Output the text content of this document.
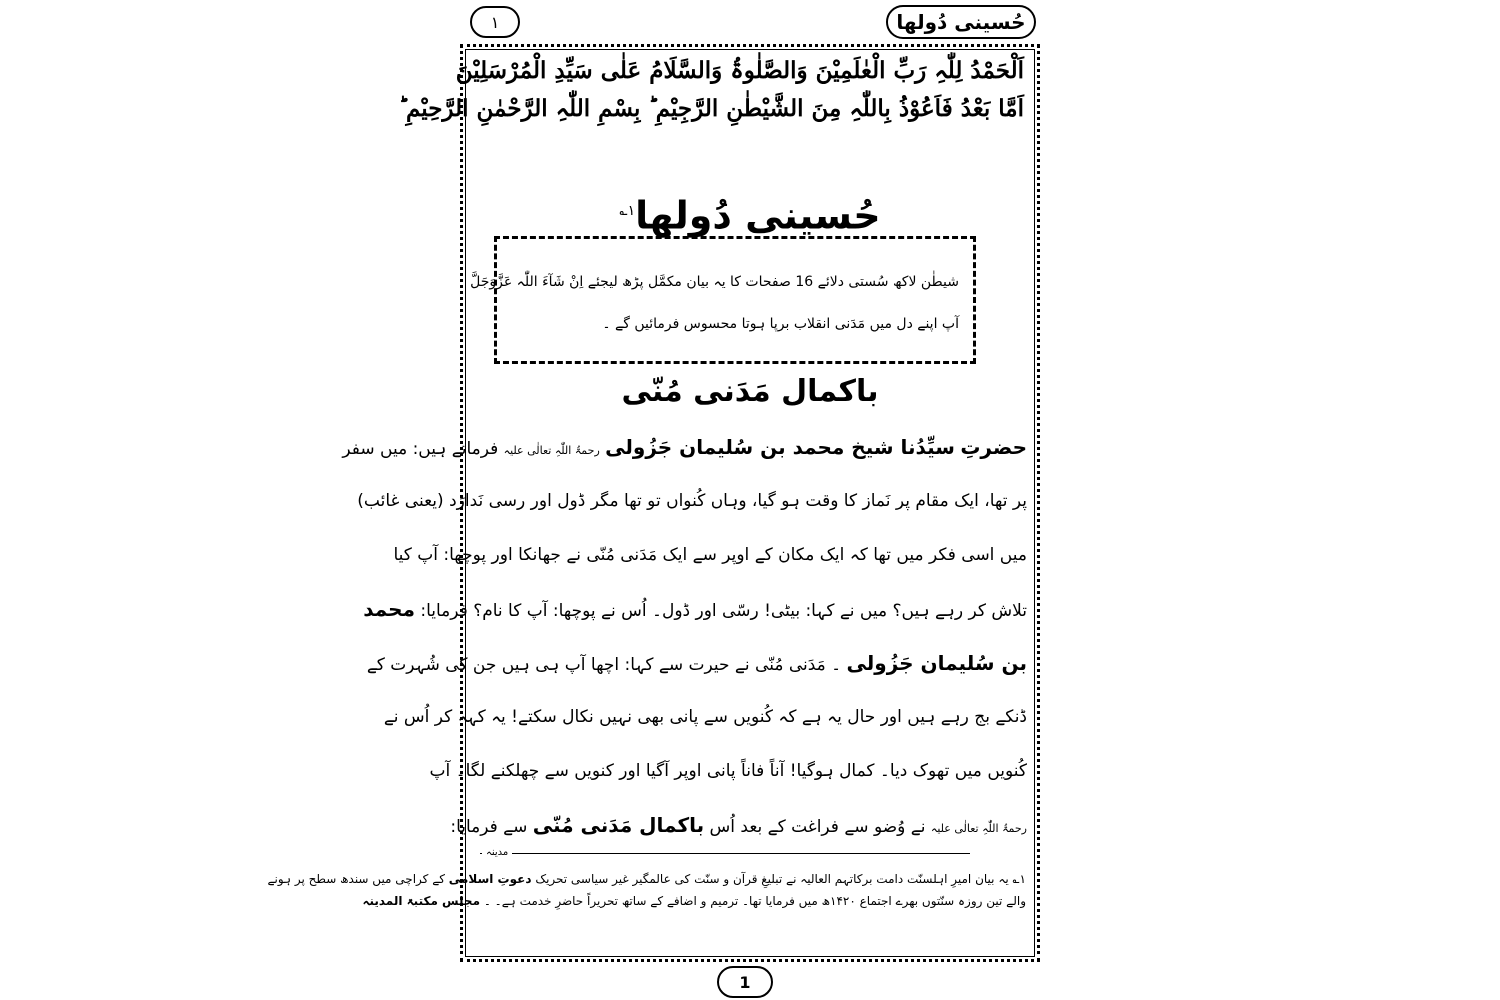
حُسینی دُولھا
۱

اَلْحَمْدُ لِلّٰہِ رَبِّ الْعٰلَمِیْنَ وَالصَّلٰوۃُ وَالسَّلَامُ عَلٰی سَیِّدِ الْمُرْسَلِیْنَ

اَمَّا بَعْدُ فَاَعُوْذُ بِاللّٰہِ مِنَ الشَّیْطٰنِ الرَّجِیْمِ ؕ بِسْمِ اللّٰہِ الرَّحْمٰنِ الرَّحِیْمِ ؕ

حُسینی دُولھا$^{۱؎}$

شیطٰن لاکھ سُستی دلائے 16 صفحات کا یہ بیان مکمَّل پڑھ لیجئے اِنْ شَآءَ اللّٰہ عَزَّوَجَلَّ

آپ اپنے دل میں مَدَنی انقلاب برپا ہوتا محسوس فرمائیں گے ۔

باکمال مَدَنی مُنّی

حضرتِ سیِّدُنا شیخ محمد بن سُلیمان جَزُولی رحمۃُ اللّٰہِ تعالٰی علیہ فرماتے ہیں: میں سفر

پر تھا، ایک مقام پر نَماز کا وقت ہو گیا، وہاں کُنواں تو تھا مگر ڈول اور رسی نَدارَد (یعنی غائب)

میں اسی فکر میں تھا کہ ایک مکان کے اوپر سے ایک مَدَنی مُنّی نے جھانکا اور پوچھا: آپ کیا

تلاش کر رہے ہیں؟ میں نے کہا: بیٹی! رسّی اور ڈول۔ اُس نے پوچھا: آپ کا نام؟ فرمایا: محمد

بن سُلیمان جَزُولی ۔ مَدَنی مُنّی نے حیرت سے کہا: اچھا آپ ہی ہیں جن کی شُہرت کے

ڈنکے بج رہے ہیں اور حال یہ ہے کہ کُنویں سے پانی بھی نہیں نکال سکتے! یہ کہہ کر اُس نے

کُنویں میں تھوک دیا۔ کمال ہوگیا! آناً فاناً پانی اوپر آگیا اور کنویں سے چھلکنے لگا۔ آپ

رحمۃُ اللّٰہِ تعالٰی علیہ نے وُضو سے فراغت کے بعد اُس باکمال مَدَنی مُنّی سے فرمایا:

مدینہ

۱؎ یہ بیان امیرِ اہلسنّت دامت برکاتہم العالیہ نے تبلیغِ قرآن و سنّت کی عالمگیر غیر سیاسی تحریک دعوتِ اسلامی کے کراچی میں سندھ سطح پر ہونے

والے تین روزہ سنّتوں بھرے اجتماع ۱۴۲۰ھ میں فرمایا تھا۔ ترمیم و اضافے کے ساتھ تحریراً حاضرِ خدمت ہے۔ ۔ مجلس مکتبۃ المدینہ

1
